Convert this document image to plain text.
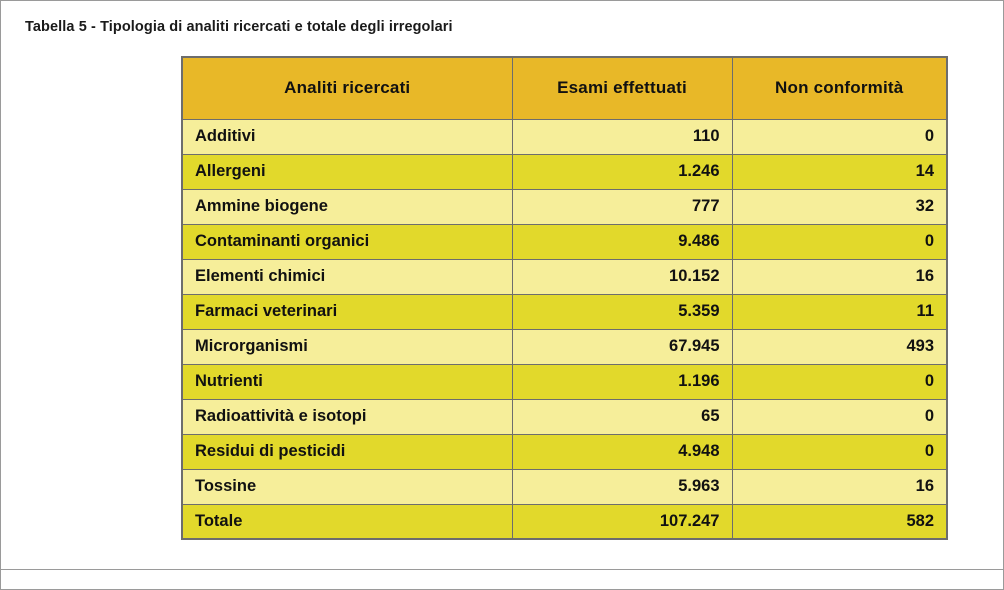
Tabella 5 - Tipologia di analiti ricercati e totale degli irregolari
Analiti ricercati	Esami effettuati	Non conformità
Additivi	110	0
Allergeni	1.246	14
Ammine biogene	777	32
Contaminanti organici	9.486	0
Elementi chimici	10.152	16
Farmaci veterinari	5.359	11
Microrganismi	67.945	493
Nutrienti	1.196	0
Radioattività e isotopi	65	0
Residui di pesticidi	4.948	0
Tossine	5.963	16
Totale	107.247	582
